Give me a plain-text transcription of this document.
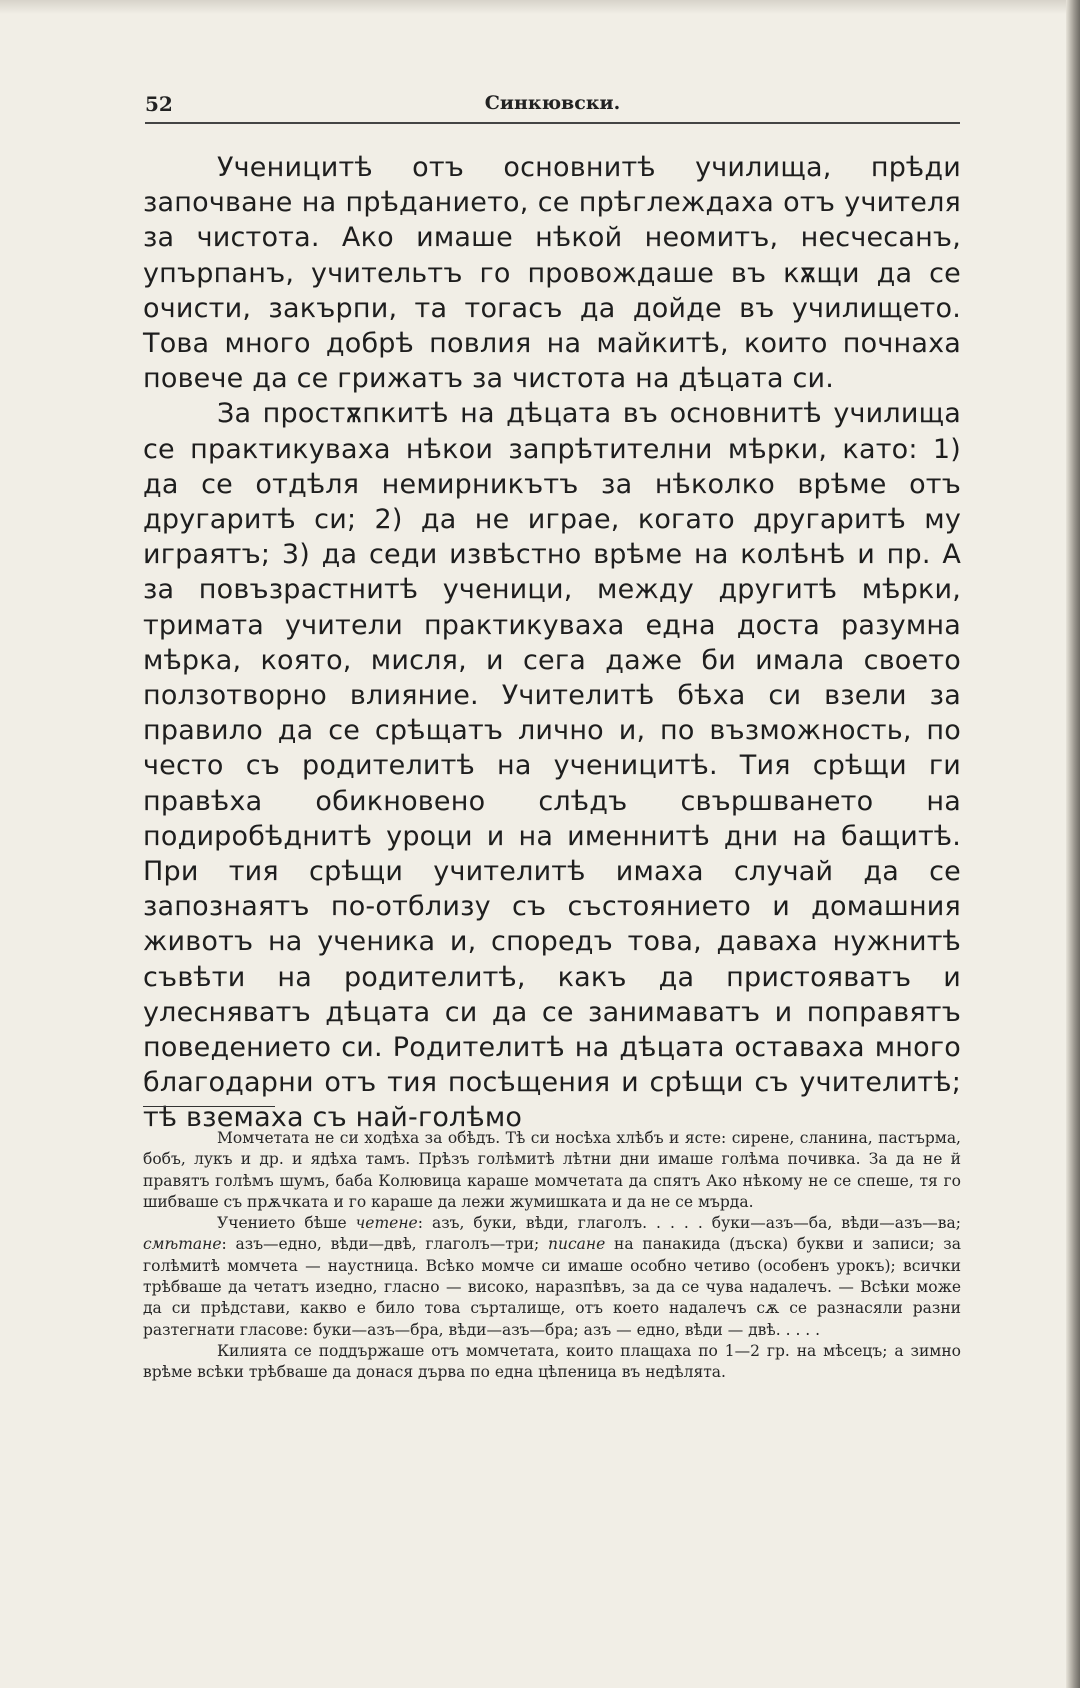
52	Синкювски.

Ученицитѣ отъ основнитѣ училища, прѣди започване на прѣданието, се прѣглеждаха отъ учителя за чистота. Ако имаше нѣкой неомитъ, несчесанъ, упърпанъ, учительтъ го провождаше въ кѫщи да се очисти, закърпи, та тогасъ да дойде въ училището. Това много добрѣ повлия на майкитѣ, които почнаха повече да се грижатъ за чистота на дѣцата си.

За простѫпкитѣ на дѣцата въ основнитѣ училища се практикуваха нѣкои запрѣтителни мѣрки, като: 1) да се отдѣля немирникътъ за нѣколко врѣме отъ другаритѣ си; 2) да не играе, когато другаритѣ му играятъ; 3) да седи извѣстно врѣме на колѣнѣ и пр. А за повъзрастнитѣ ученици, между другитѣ мѣрки, тримата учители практикуваха една доста разумна мѣрка, която, мисля, и сега даже би имала своето ползотворно влияние. Учителитѣ бѣха си взели за правило да се срѣщатъ лично и, по възможность, по често съ родителитѣ на ученицитѣ. Тия срѣщи ги правѣха обикновено слѣдъ свършването на подиробѣднитѣ уроци и на именнитѣ дни на бащитѣ. При тия срѣщи учителитѣ имаха случай да се запознаятъ по-отблизу съ състоянието и домашния животъ на ученика и, споредъ това, даваха нужнитѣ съвѣти на родителитѣ, какъ да пристояватъ и улесняватъ дѣцата си да се занимаватъ и поправятъ поведението си. Родителитѣ на дѣцата оставаха много благодарни отъ тия посѣщения и срѣщи съ учителитѣ; тѣ вземаха съ най-голѣмо

Момчетата не си ходѣха за обѣдъ. Тѣ си носѣха хлѣбъ и ясте: сирене, сланина, пастърма, бобъ, лукъ и др. и ядѣха тамъ. Прѣзъ голѣмитѣ лѣтни дни имаше голѣма почивка. За да не й правятъ голѣмъ шумъ, баба Колювица караше момчетата да спятъ Ако нѣкому не се спеше, тя го шибваше съ прѫчката и го караше да лежи жумишката и да не се мърда.

Учението бѣше четене: азъ, буки, вѣди, глаголъ. . . . . буки—азъ—ба, вѣди—азъ—ва; смѣтане: азъ—едно, вѣди—двѣ, глаголъ—три; писане на панакида (дъска) букви и записи; за голѣмитѣ момчета — наустница. Всѣко момче си имаше особно четиво (особенъ урокъ); всички трѣбваше да четатъ изедно, гласно — високо, наразпѣвъ, за да се чува надалечъ. — Всѣки може да си прѣдстави, какво е било това сърталище, отъ което надалечъ сѫ се разнасяли разни разтегнати гласове: буки—азъ—бра, вѣди—азъ—бра; азъ — едно, вѣди — двѣ. . . . .

Килията се поддържаше отъ момчетата, които плащаха по 1—2 гр. на мѣсецъ; а зимно врѣме всѣки трѣбваше да донася дърва по една цѣпеница въ недѣлята.
